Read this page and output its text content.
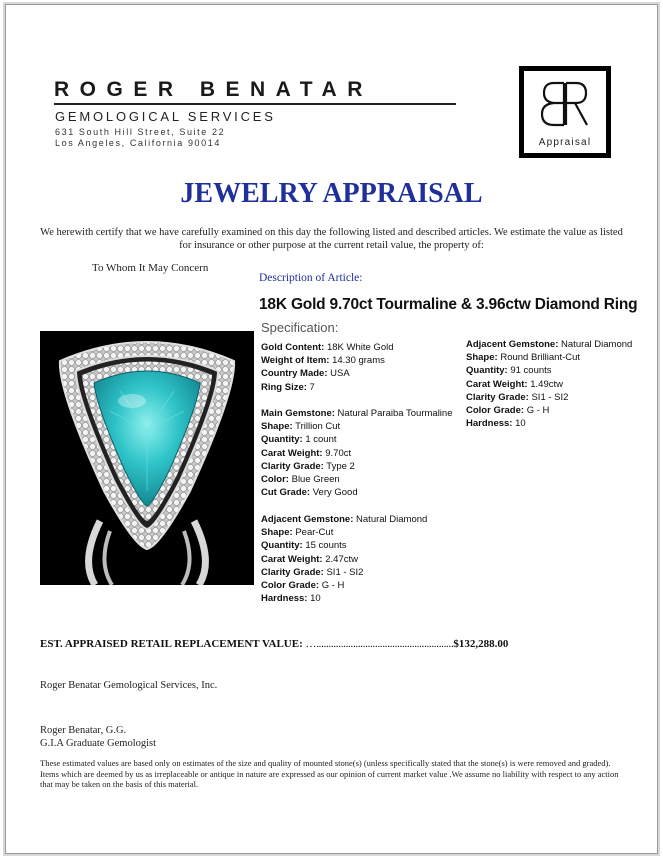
ROGER BENATAR
GEMOLOGICAL SERVICES
631 South Hill Street, Suite 22
Los Angeles, California 90014	Appraisal
JEWELRY APPRAISAL
We herewith certify that we have carefully examined on this day the following listed and described articles. We estimate the value as listed for insurance or other purpose at the current retail value, the property of:
To Whom It May Concern
Description of Article:
18K Gold 9.70ct Tourmaline & 3.96ctw Diamond Ring
Specification:
Gold Content: 18K White Gold
Weight of Item: 14.30 grams
Country Made: USA
Ring Size: 7
Main Gemstone: Natural Paraiba Tourmaline
Shape: Trillion Cut
Quantity: 1 count
Carat Weight: 9.70ct
Clarity Grade: Type 2
Color: Blue Green
Cut Grade: Very Good
Adjacent Gemstone: Natural Diamond
Shape: Pear-Cut
Quantity: 15 counts
Carat Weight: 2.47ctw
Clarity Grade: SI1 - SI2
Color Grade: G - H
Hardness: 10
Adjacent Gemstone: Natural Diamond
Shape: Round Brilliant-Cut
Quantity: 91 counts
Carat Weight: 1.49ctw
Clarity Grade: SI1 - SI2
Color Grade: G - H
Hardness: 10
EST. APPRAISED RETAIL REPLACEMENT VALUE: …........................................................$132,288.00
Roger Benatar Gemological Services, Inc.
Roger Benatar, G.G.
G.I.A Graduate Gemologist
These estimated values are based only on estimates of the size and quality of mounted stone(s) (unless specifically stated that the stone(s) is were removed and graded). Items which are deemed by us as irreplaceable or antique in nature are expressed as our opinion of current market value .We assume no liability with respect to any action that may be taken on the basis of this material.
